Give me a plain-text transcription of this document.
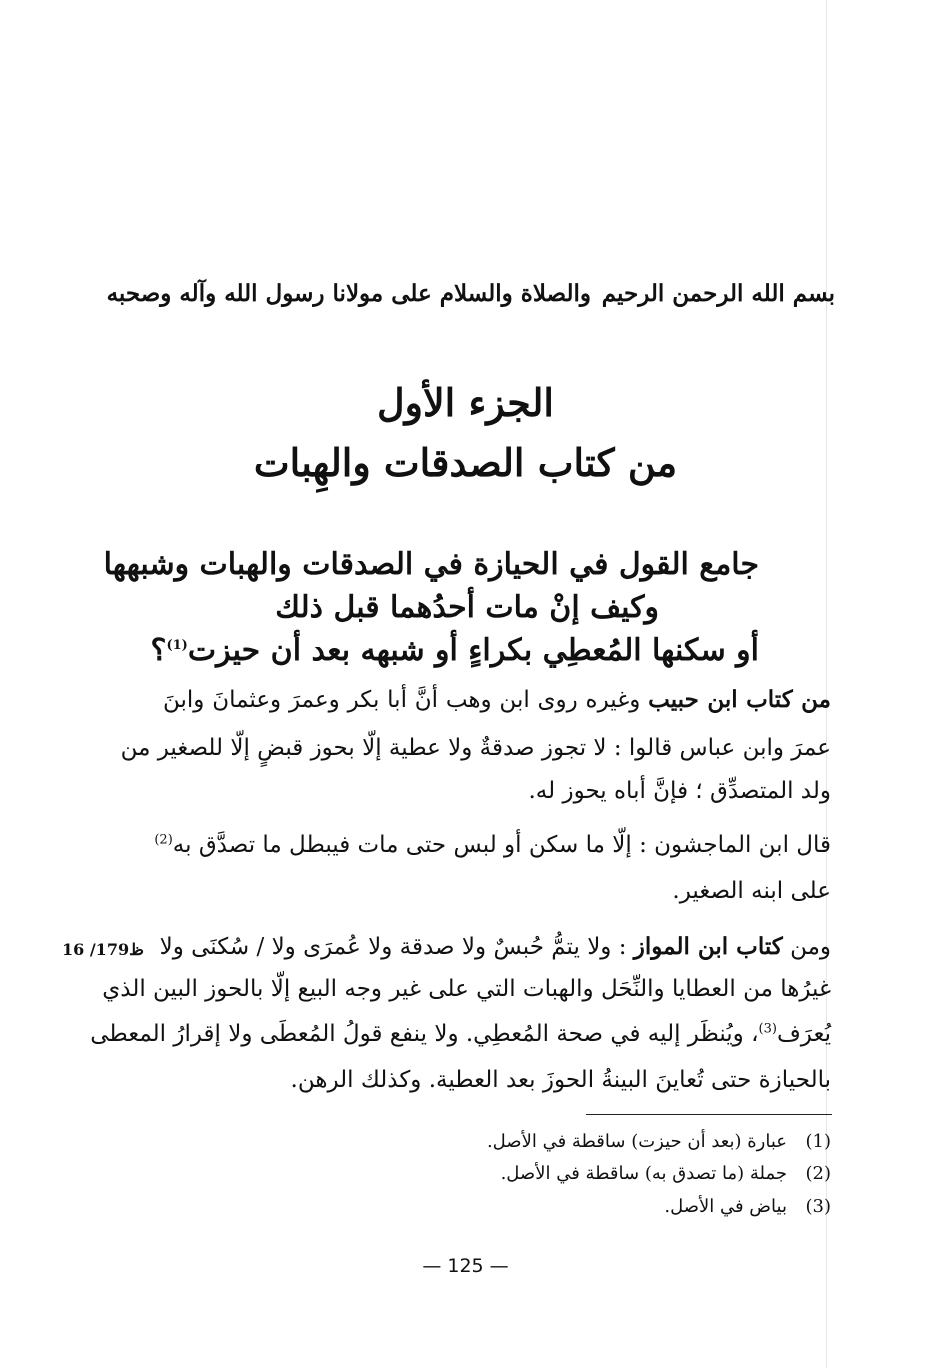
بسم الله الرحمن الرحيم
والصلاة والسلام على مولانا رسول الله وآله وصحبه
الجزء الأول
من كتاب الصدقات والهِبات
جامع القول في الحيازة في الصدقات والهبات وشبهها
وكيف إنْ مات أحدُهما قبل ذلك
أو سكنها المُعطِي بكراءٍ أو شبهه بعد أن حيزت$^{(1)}$؟
من كتاب ابن حبيب وغيره روى ابن وهب أنَّ أبا بكر وعمرَ وعثمانَ وابنَ
عمرَ وابن عباس قالوا : لا تجوز صدقةٌ ولا عطية إلّا بحوز قبضٍ إلّا للصغير من
ولد المتصدِّق ؛ فإنَّ أباه يحوز له.
قال ابن الماجشون : إلّا ما سكن أو لبس حتى مات فيبطل ما تصدَّق به$^{(2)}$
على ابنه الصغير.
ومن كتاب ابن المواز : ولا يتمُّ حُبسٌ ولا صدقة ولا عُمرَى ولا / سُكنَى ولا
غيرُها من العطايا والنِّحَل والهبات التي على غير وجه البيع إلّا بالحوز البين الذي
يُعرَف$^{(3)}$، ويُنظَر إليه في صحة المُعطِي. ولا ينفع قولُ المُعطَى ولا إقرارُ المعطى
بالحيازة حتى تُعاينَ البينةُ الحوزَ بعد العطية. وكذلك الرهن.
16 /179ظ
(1)عبارة (بعد أن حيزت) ساقطة في الأصل.
(2)جملة (ما تصدق به) ساقطة في الأصل.
(3)بياض في الأصل.
— 125 —
